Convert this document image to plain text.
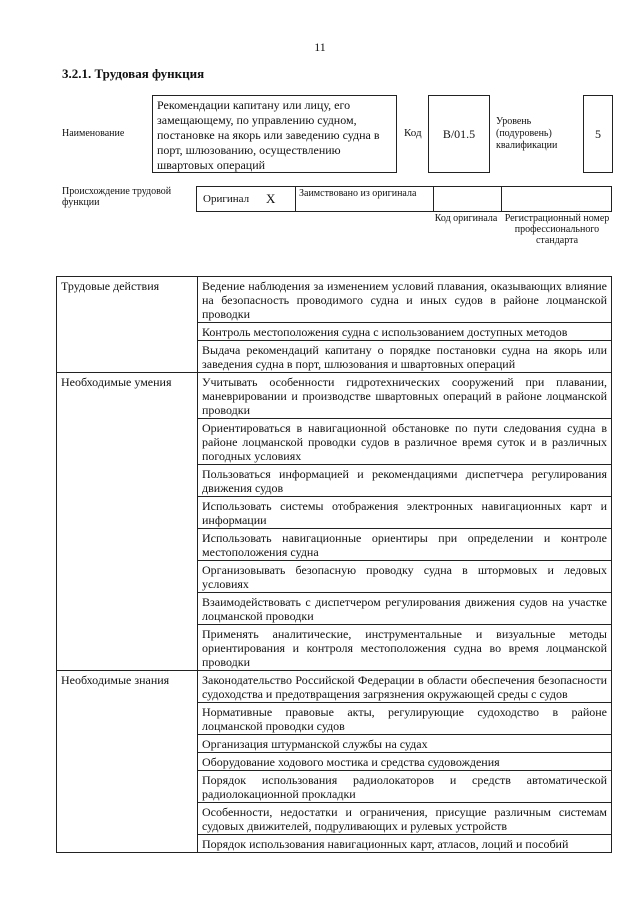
11
3.2.1. Трудовая функция
Наименование
Рекомендации капитану или лицу, его замещающему, по управлению судном, постановке на якорь или заведению судна в порт, шлюзованию, осуществлению швартовых операций
Код B/01.5
Уровень (подуровень) квалификации
5
Происхождение трудовой функции	Оригинал X Заимствовано из оригинала
Код оригинала Регистрационный номер профессионального стандарта
Трудовые действия	Ведение наблюдения за изменением условий плавания, оказывающих влияние на безопасность проводимого судна и иных судов в районе лоцманской проводки
	Контроль местоположения судна с использованием доступных методов
	Выдача рекомендаций капитану о порядке постановки судна на якорь или заведения судна в порт, шлюзования и швартовных операций
Необходимые умения	Учитывать особенности гидротехнических сооружений при плавании, маневрировании и производстве швартовных операций в районе лоцманской проводки
	Ориентироваться в навигационной обстановке по пути следования судна в районе лоцманской проводки судов в различное время суток и в различных погодных условиях
	Пользоваться информацией и рекомендациями диспетчера регулирования движения судов
	Использовать системы отображения электронных навигационных карт и информации
	Использовать навигационные ориентиры при определении и контроле местоположения судна
	Организовывать безопасную проводку судна в штормовых и ледовых условиях
	Взаимодействовать с диспетчером регулирования движения судов на участке лоцманской проводки
	Применять аналитические, инструментальные и визуальные методы ориентирования и контроля местоположения судна во время лоцманской проводки
Необходимые знания	Законодательство Российской Федерации в области обеспечения безопасности судоходства и предотвращения загрязнения окружающей среды с судов
	Нормативные правовые акты, регулирующие судоходство в районе лоцманской проводки судов
	Организация штурманской службы на судах
	Оборудование ходового мостика и средства судовождения
	Порядок использования радиолокаторов и средств автоматической радиолокационной прокладки
	Особенности, недостатки и ограничения, присущие различным системам судовых движителей, подруливающих и рулевых устройств
	Порядок использования навигационных карт, атласов, лоций и пособий
